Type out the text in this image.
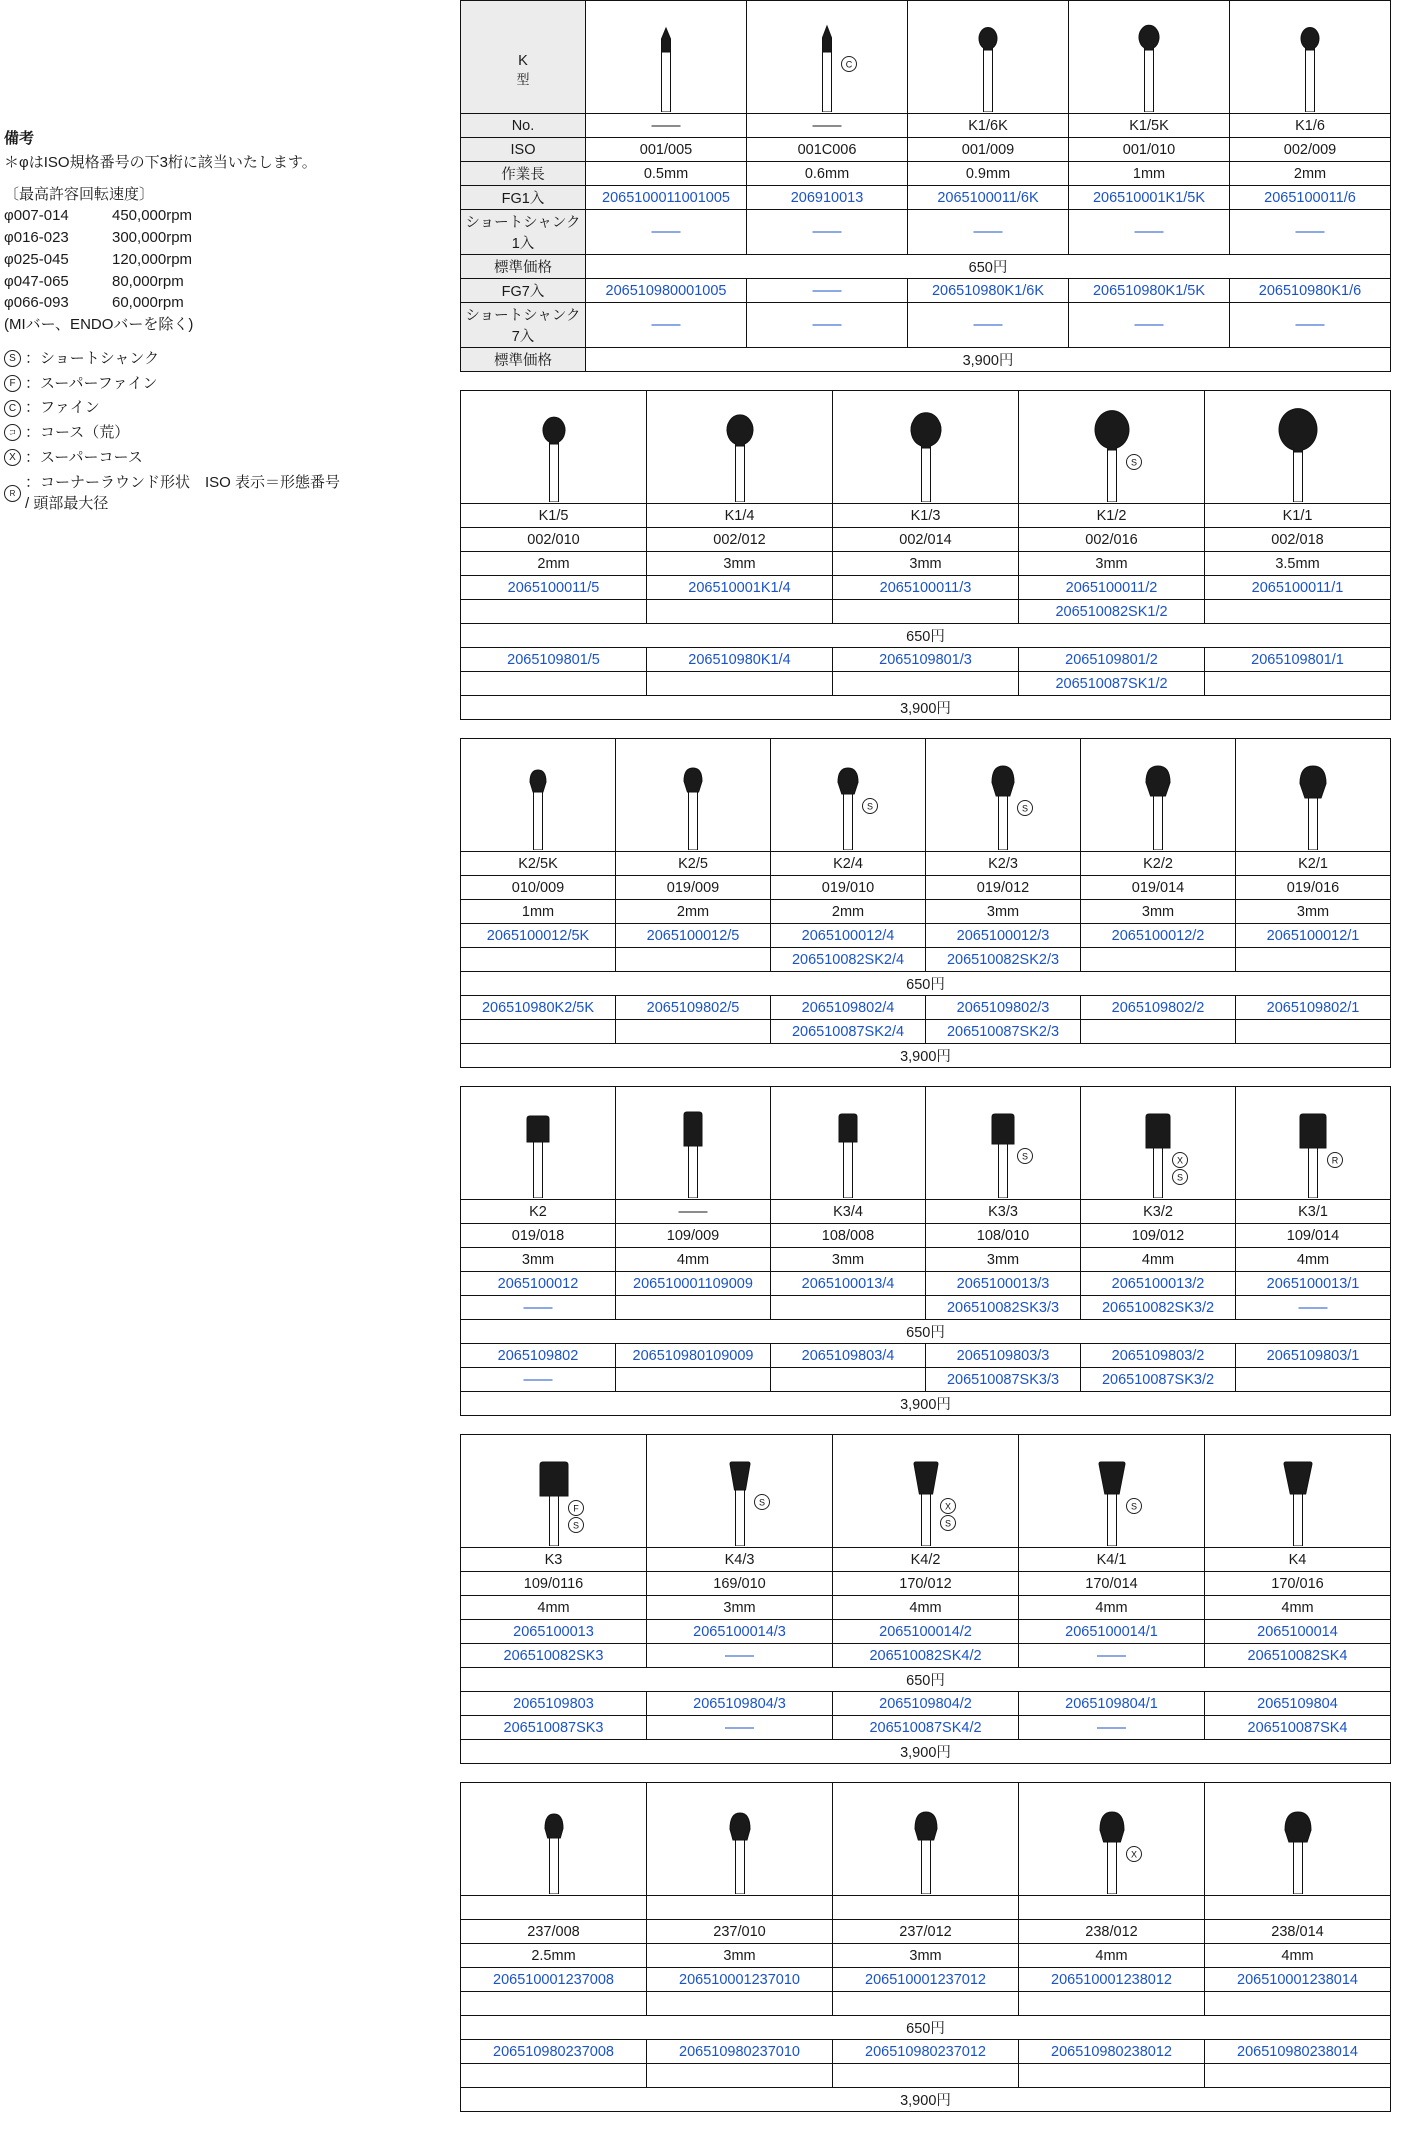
備考
＊φはISO規格番号の下3桁に該当いたします。
〔最高許容回転速度〕
φ007-014	450,000rpm
φ016-023	300,000rpm
φ025-045	120,000rpm
φ047-065	80,000rpm
φ066-093	60,000rpm
(MIバー、ENDOバーを除く)
S ：ショートシャンク
F ：スーパーファイン
C ：ファイン
コ ：コース（荒）
X ：スーパーコース
R
：コーナーラウンド形状　ISO 表示＝形態番号 / 頭部最大径
K
型		C

No.	——	——	K1/6K	K1/5K	K1/6
ISO	001/005	001C006	001/009	001/010	002/009
作業長	0.5mm	0.6mm	0.9mm	1mm	2mm
FG1入	2065100011001005	206910013	2065100011/6K	206510001K1/5K	2065100011/6
ショートシャンク 1入	——	——	——	——	——
標準価格	650円				
FG7入	206510980001005	——	206510980K1/6K	206510980K1/5K	206510980K1/6
ショートシャンク 7入	——	——	——	——	——
標準価格	3,900円				

S

K1/5	K1/4	K1/3	K1/2	K1/1
002/010	002/012	002/014	002/016	002/018
2mm	3mm	3mm	3mm	3.5mm
2065100011/5	206510001K1/4	2065100011/3	2065100011/2	2065100011/1
			206510082SK1/2	
650円				
2065109801/5	206510980K1/4	2065109801/3	2065109801/2	2065109801/1
			206510087SK1/2	
3,900円				

S	S

K2/5K	K2/5	K2/4	K2/3	K2/2	K2/1
010/009	019/009	019/010	019/012	019/014	019/016
1mm	2mm	2mm	3mm	3mm	3mm
2065100012/5K	2065100012/5	2065100012/4	2065100012/3	2065100012/2	2065100012/1
		206510082SK2/4	206510082SK2/3		
650円					
206510980K2/5K	2065109802/5	2065109802/4	2065109802/3	2065109802/2	2065109802/1
		206510087SK2/4	206510087SK2/3		
3,900円					

S	X
S	R

K2	——	K3/4	K3/3	K3/2	K3/1
019/018	109/009	108/008	108/010	109/012	109/014
3mm	4mm	3mm	3mm	4mm	4mm
2065100012	206510001109009	2065100013/4	2065100013/3	2065100013/2	2065100013/1
——			206510082SK3/3	206510082SK3/2	——
650円					
2065109802	206510980109009	2065109803/4	2065109803/3	2065109803/2	2065109803/1
——			206510087SK3/3	206510087SK3/2	
3,900円					
F
S	S	X
S	S

K3	K4/3	K4/2	K4/1	K4
109/0116	169/010	170/012	170/014	170/016
4mm	3mm	4mm	4mm	4mm
2065100013	2065100014/3	2065100014/2	2065100014/1	2065100014
206510082SK3	——	206510082SK4/2	——	206510082SK4
650円				
2065109803	2065109804/3	2065109804/2	2065109804/1	2065109804
206510087SK3	——	206510087SK4/2	——	206510087SK4
3,900円				

X

237/008	237/010	237/012	238/012	238/014
2.5mm	3mm	3mm	4mm	4mm
206510001237008	206510001237010	206510001237012	206510001238012	206510001238014

650円				
206510980237008	206510980237010	206510980237012	206510980238012	206510980238014

3,900円				
